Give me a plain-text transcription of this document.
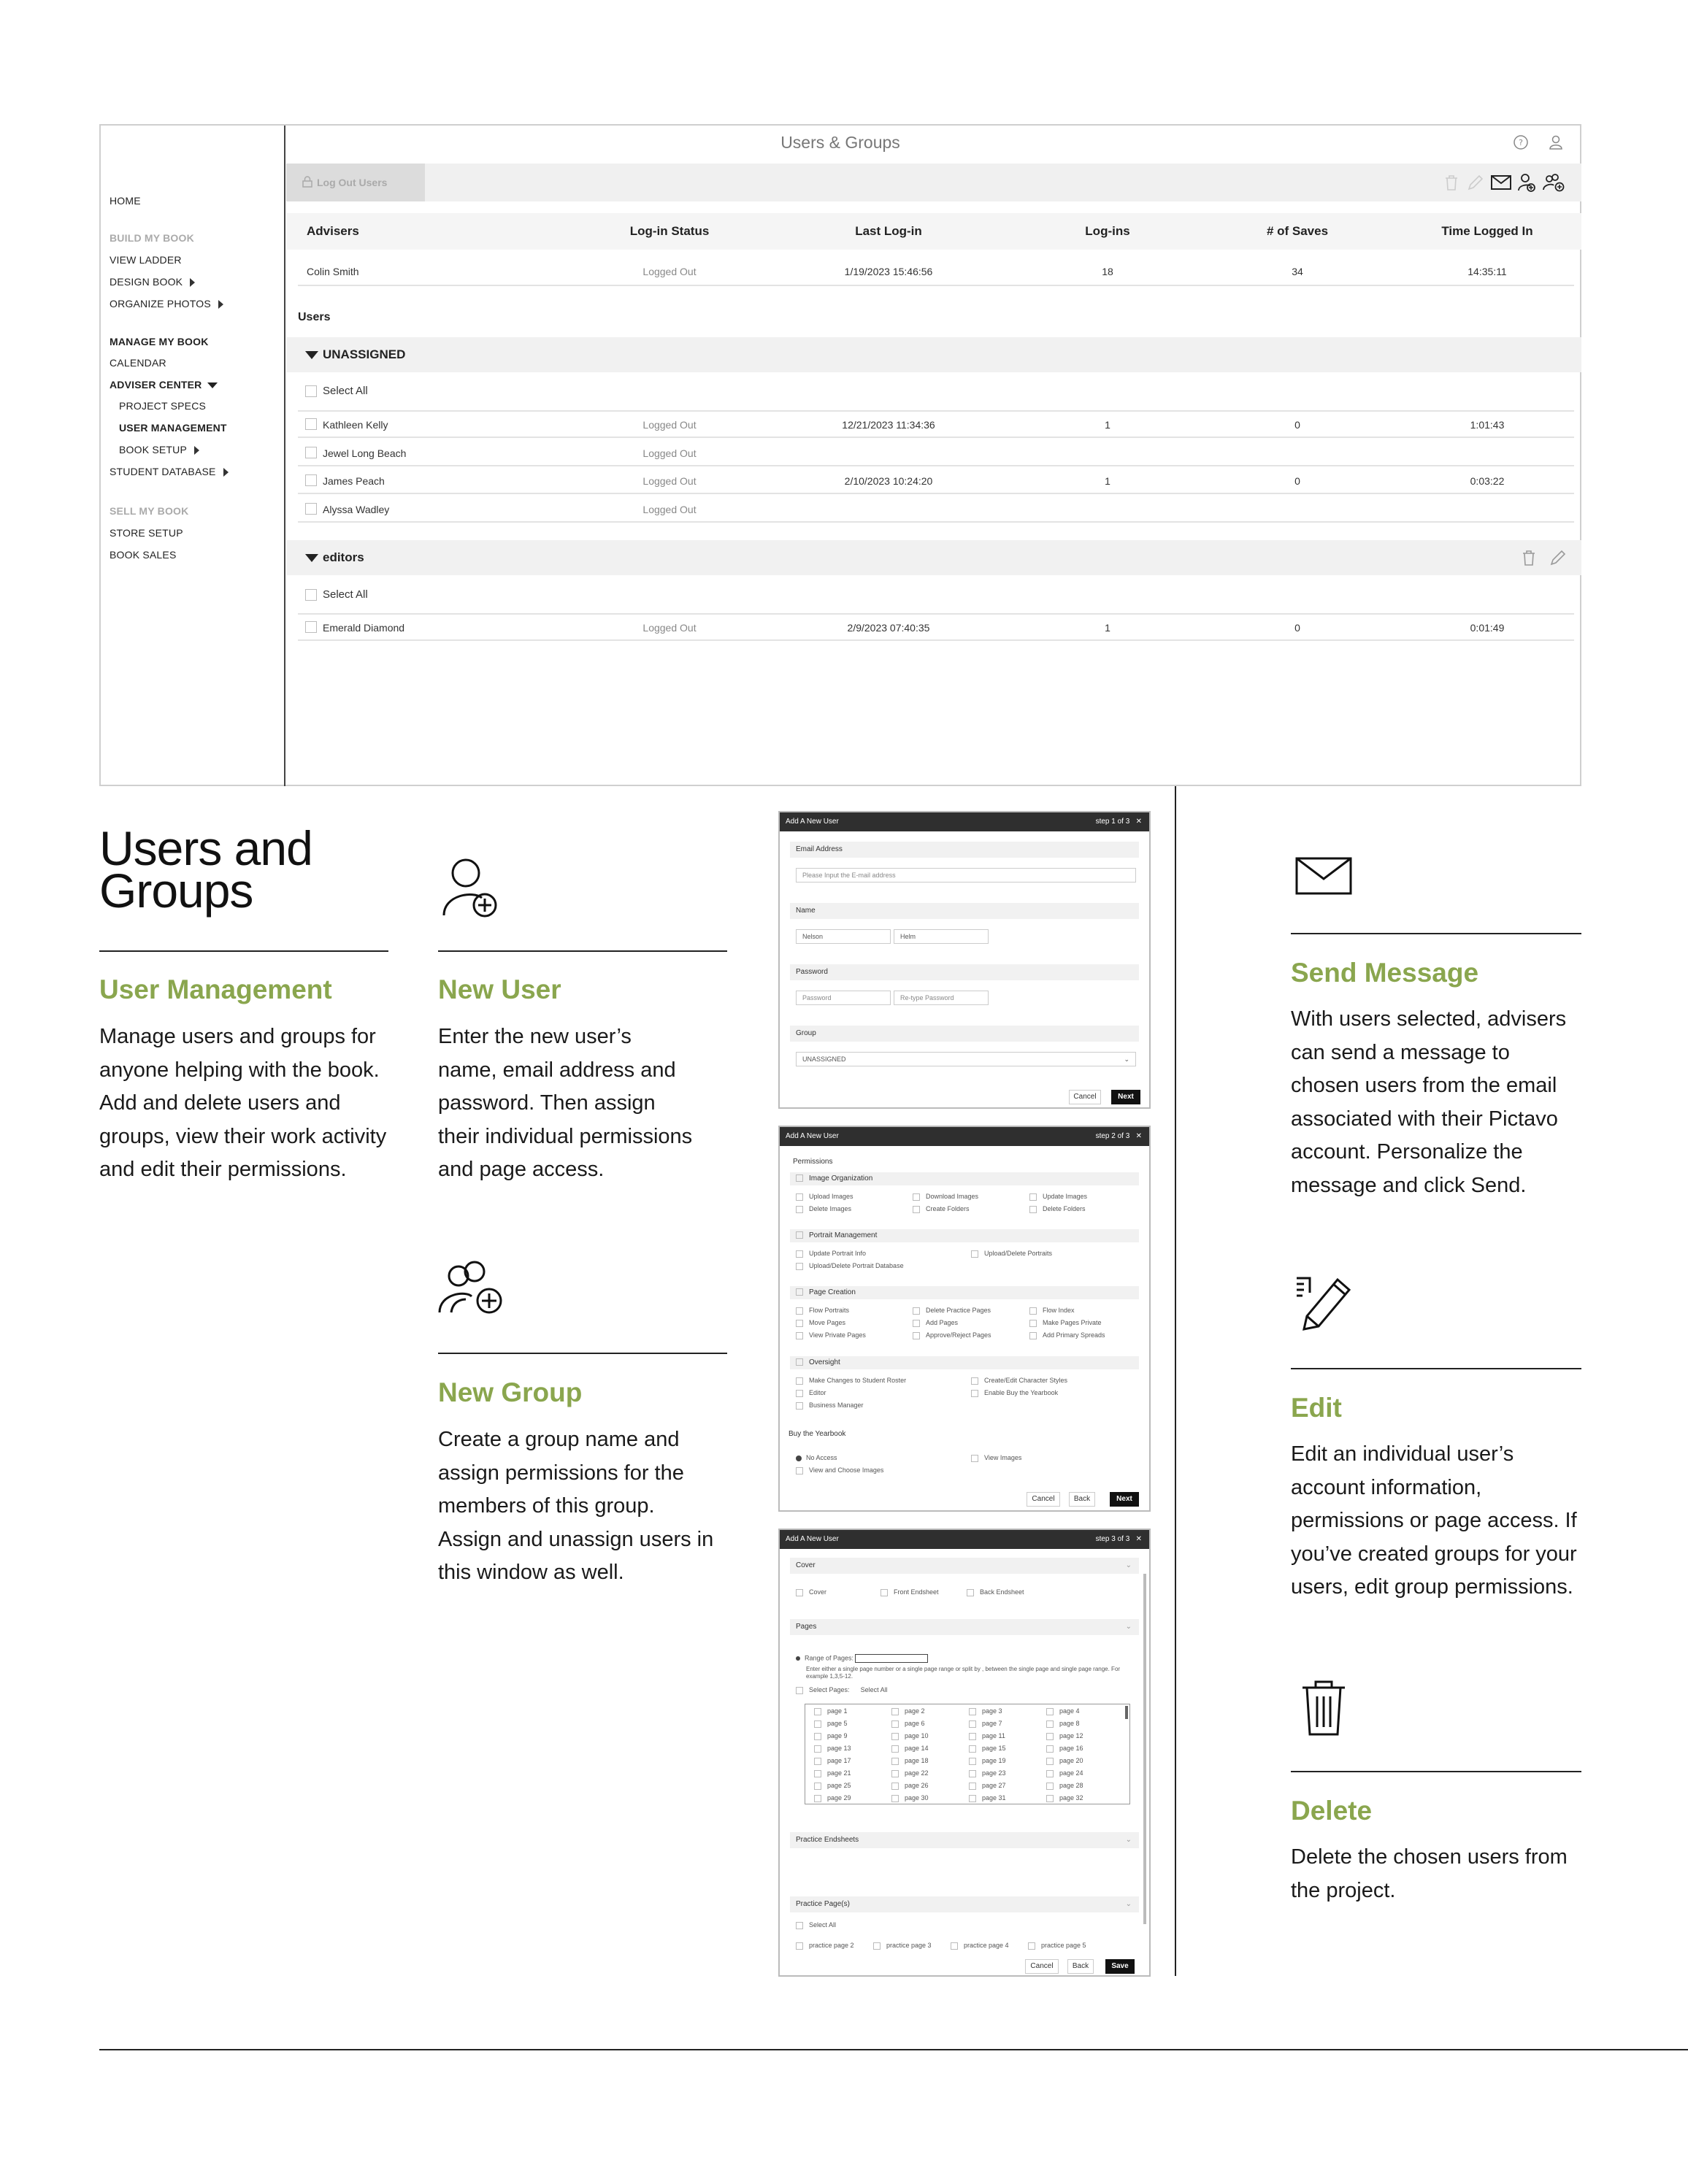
Users & Groups	?
HOME
BUILD MY BOOK
VIEW LADDER
DESIGN BOOK
ORGANIZE PHOTOS
MANAGE MY BOOK
CALENDAR
ADVISER CENTER
PROJECT SPECS
USER MANAGEMENT
BOOK SETUP
STUDENT DATABASE
SELL MY BOOK
STORE SETUP
BOOK SALES
Log Out Users
Advisers	Log-in Status	Last Log-in	Log-ins	# of Saves	Time Logged In
Colin Smith	Logged Out	1/19/2023 15:46:56	18	34	14:35:11
Users
UNASSIGNED
Select All
editors
Select All
Kathleen Kelly	Logged Out	12/21/2023 11:34:36	1	0	1:01:43
Jewel Long Beach	Logged Out
James Peach	Logged Out	2/10/2023 10:24:20	1	0	0:03:22
Alyssa Wadley	Logged Out
Emerald Diamond	Logged Out	2/9/2023 07:40:35	1	0	0:01:49
Users and
Groups
User Management
Manage users and groups for anyone helping with the book. Add and delete users and groups, view their work activity and edit their permissions.
New User
Enter the new user’s name, email address and password. Then assign their individual permissions and page access.
New Group
Create a group name and assign permissions for the members of this group. Assign and unassign users in this window as well.
Send Message
With users selected, advisers can send a message to chosen users from the email associated with their Pictavo account. Personalize the message and click Send.
Edit
Edit an individual user’s account information, permissions or page access. If you’ve created groups for your users, edit group permissions.
Delete
Delete the chosen users from the project.
Add A New User	step 1 of 3 ✕
Email Address
Please Input the E-mail address
Name
Nelson	Helm
Password
Password	Re-type Password
Group
UNASSIGNED	⌄
Cancel	Next
Add A New User	step 2 of 3 ✕
Permissions
Buy the Yearbook
No Access	View Images
View and Choose Images
Cancel	Back	Next
Image Organization
Upload Images	Download Images	Update Images
Delete Images	Create Folders	Delete Folders
Portrait Management
Update Portrait Info	Upload/Delete Portraits
Upload/Delete Portrait Database
Page Creation
Flow Portraits	Delete Practice Pages	Flow Index
Move Pages	Add Pages	Make Pages Private
View Private Pages	Approve/Reject Pages	Add Primary Spreads
Oversight
Make Changes to Student Roster	Create/Edit Character Styles
Editor	Enable Buy the Yearbook
Business Manager
Add A New User	step 3 of 3 ✕
Cover	⌄
Cover	Front Endsheet	Back Endsheet
Pages	⌄
Range of Pages:
Enter either a single page number or a single page range or split by , between the single page and single page range. For example 1,3,5-12.
Select Pages: Select All
page 1	page 2	page 3	page 4
page 5	page 6	page 7	page 8
page 9	page 10	page 11	page 12
page 13	page 14	page 15	page 16
page 17	page 18	page 19	page 20
page 21	page 22	page 23	page 24
page 25	page 26	page 27	page 28
page 29	page 30	page 31	page 32
Practice Endsheets	⌄
Practice Page(s)	⌄
Select All
Cancel	Back	Save
practice page 2	practice page 3	practice page 4	practice page 5
